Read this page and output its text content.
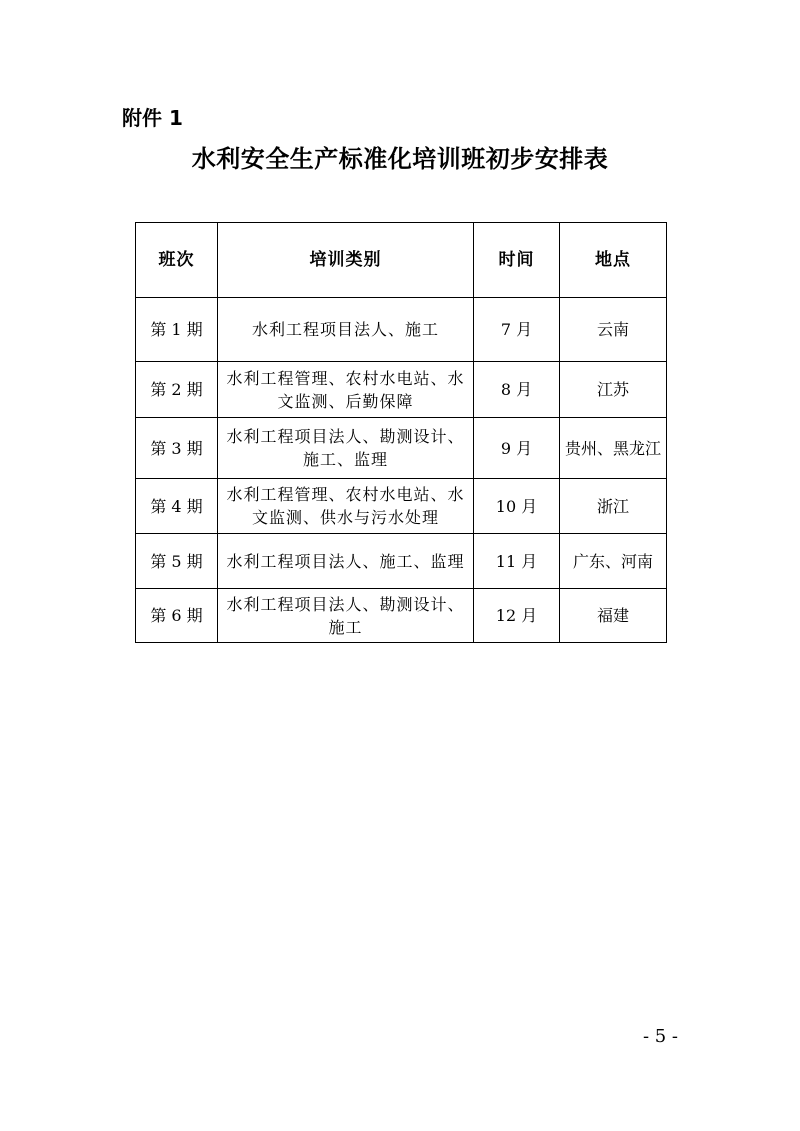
附件 1
水利安全生产标准化培训班初步安排表
班次	培训类别	时间	地点
第 1 期	水利工程项目法人、施工	7 月	云南
第 2 期	水利工程管理、农村水电站、水文监测、后勤保障	8 月	江苏
第 3 期	水利工程项目法人、勘测设计、施工、监理	9 月	贵州、黑龙江
第 4 期	水利工程管理、农村水电站、水文监测、供水与污水处理	10 月	浙江
第 5 期	水利工程项目法人、施工、监理	11 月	广东、河南
第 6 期	水利工程项目法人、勘测设计、施工	12 月	福建
- 5 -
